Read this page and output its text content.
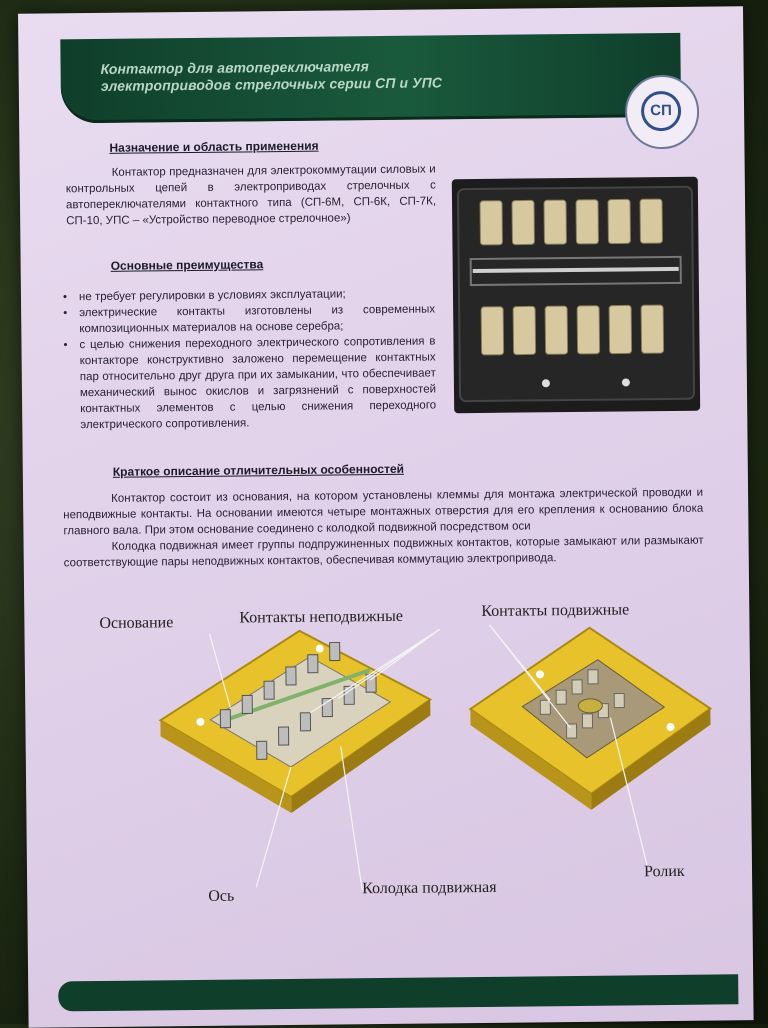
Контактор для автопереключателя
электроприводов стрелочных серии СП и УПС
СП
Назначение и область применения

Контактор предназначен для электрокоммутации силовых и контрольных цепей в электроприводах стрелочных с автопереключателями контактного типа (СП-6М, СП-6К, СП-7К, СП-10, УПС – «Устройство переводное стрелочное»)

Основные преимущества
• не требует регулировки в условиях эксплуатации;
• электрические контакты изготовлены из современных композиционных материалов на основе серебра;
• с целью снижения переходного электрического сопротивления в контакторе конструктивно заложено перемещение контактных пар относительно друг друга при их замыкании, что обеспечивает механический вынос окислов и загрязнений с поверхностей контактных элементов с целью снижения переходного электрического сопротивления.
Краткое описание отличительных особенностей

Контактор состоит из основания, на котором установлены клеммы для монтажа электрической проводки и неподвижные контакты. На основании имеются четыре монтажных отверстия для его крепления к основанию блока главного вала. При этом основание соединено с колодкой подвижной посредством оси

Колодка подвижная имеет группы подпружиненных подвижных контактов, которые замыкают или размыкают соответствующие пары неподвижных контактов, обеспечивая коммутацию электропривода.

Основание	Контакты неподвижные	Контакты подвижные
Ось	Колодка подвижная
Ролик
